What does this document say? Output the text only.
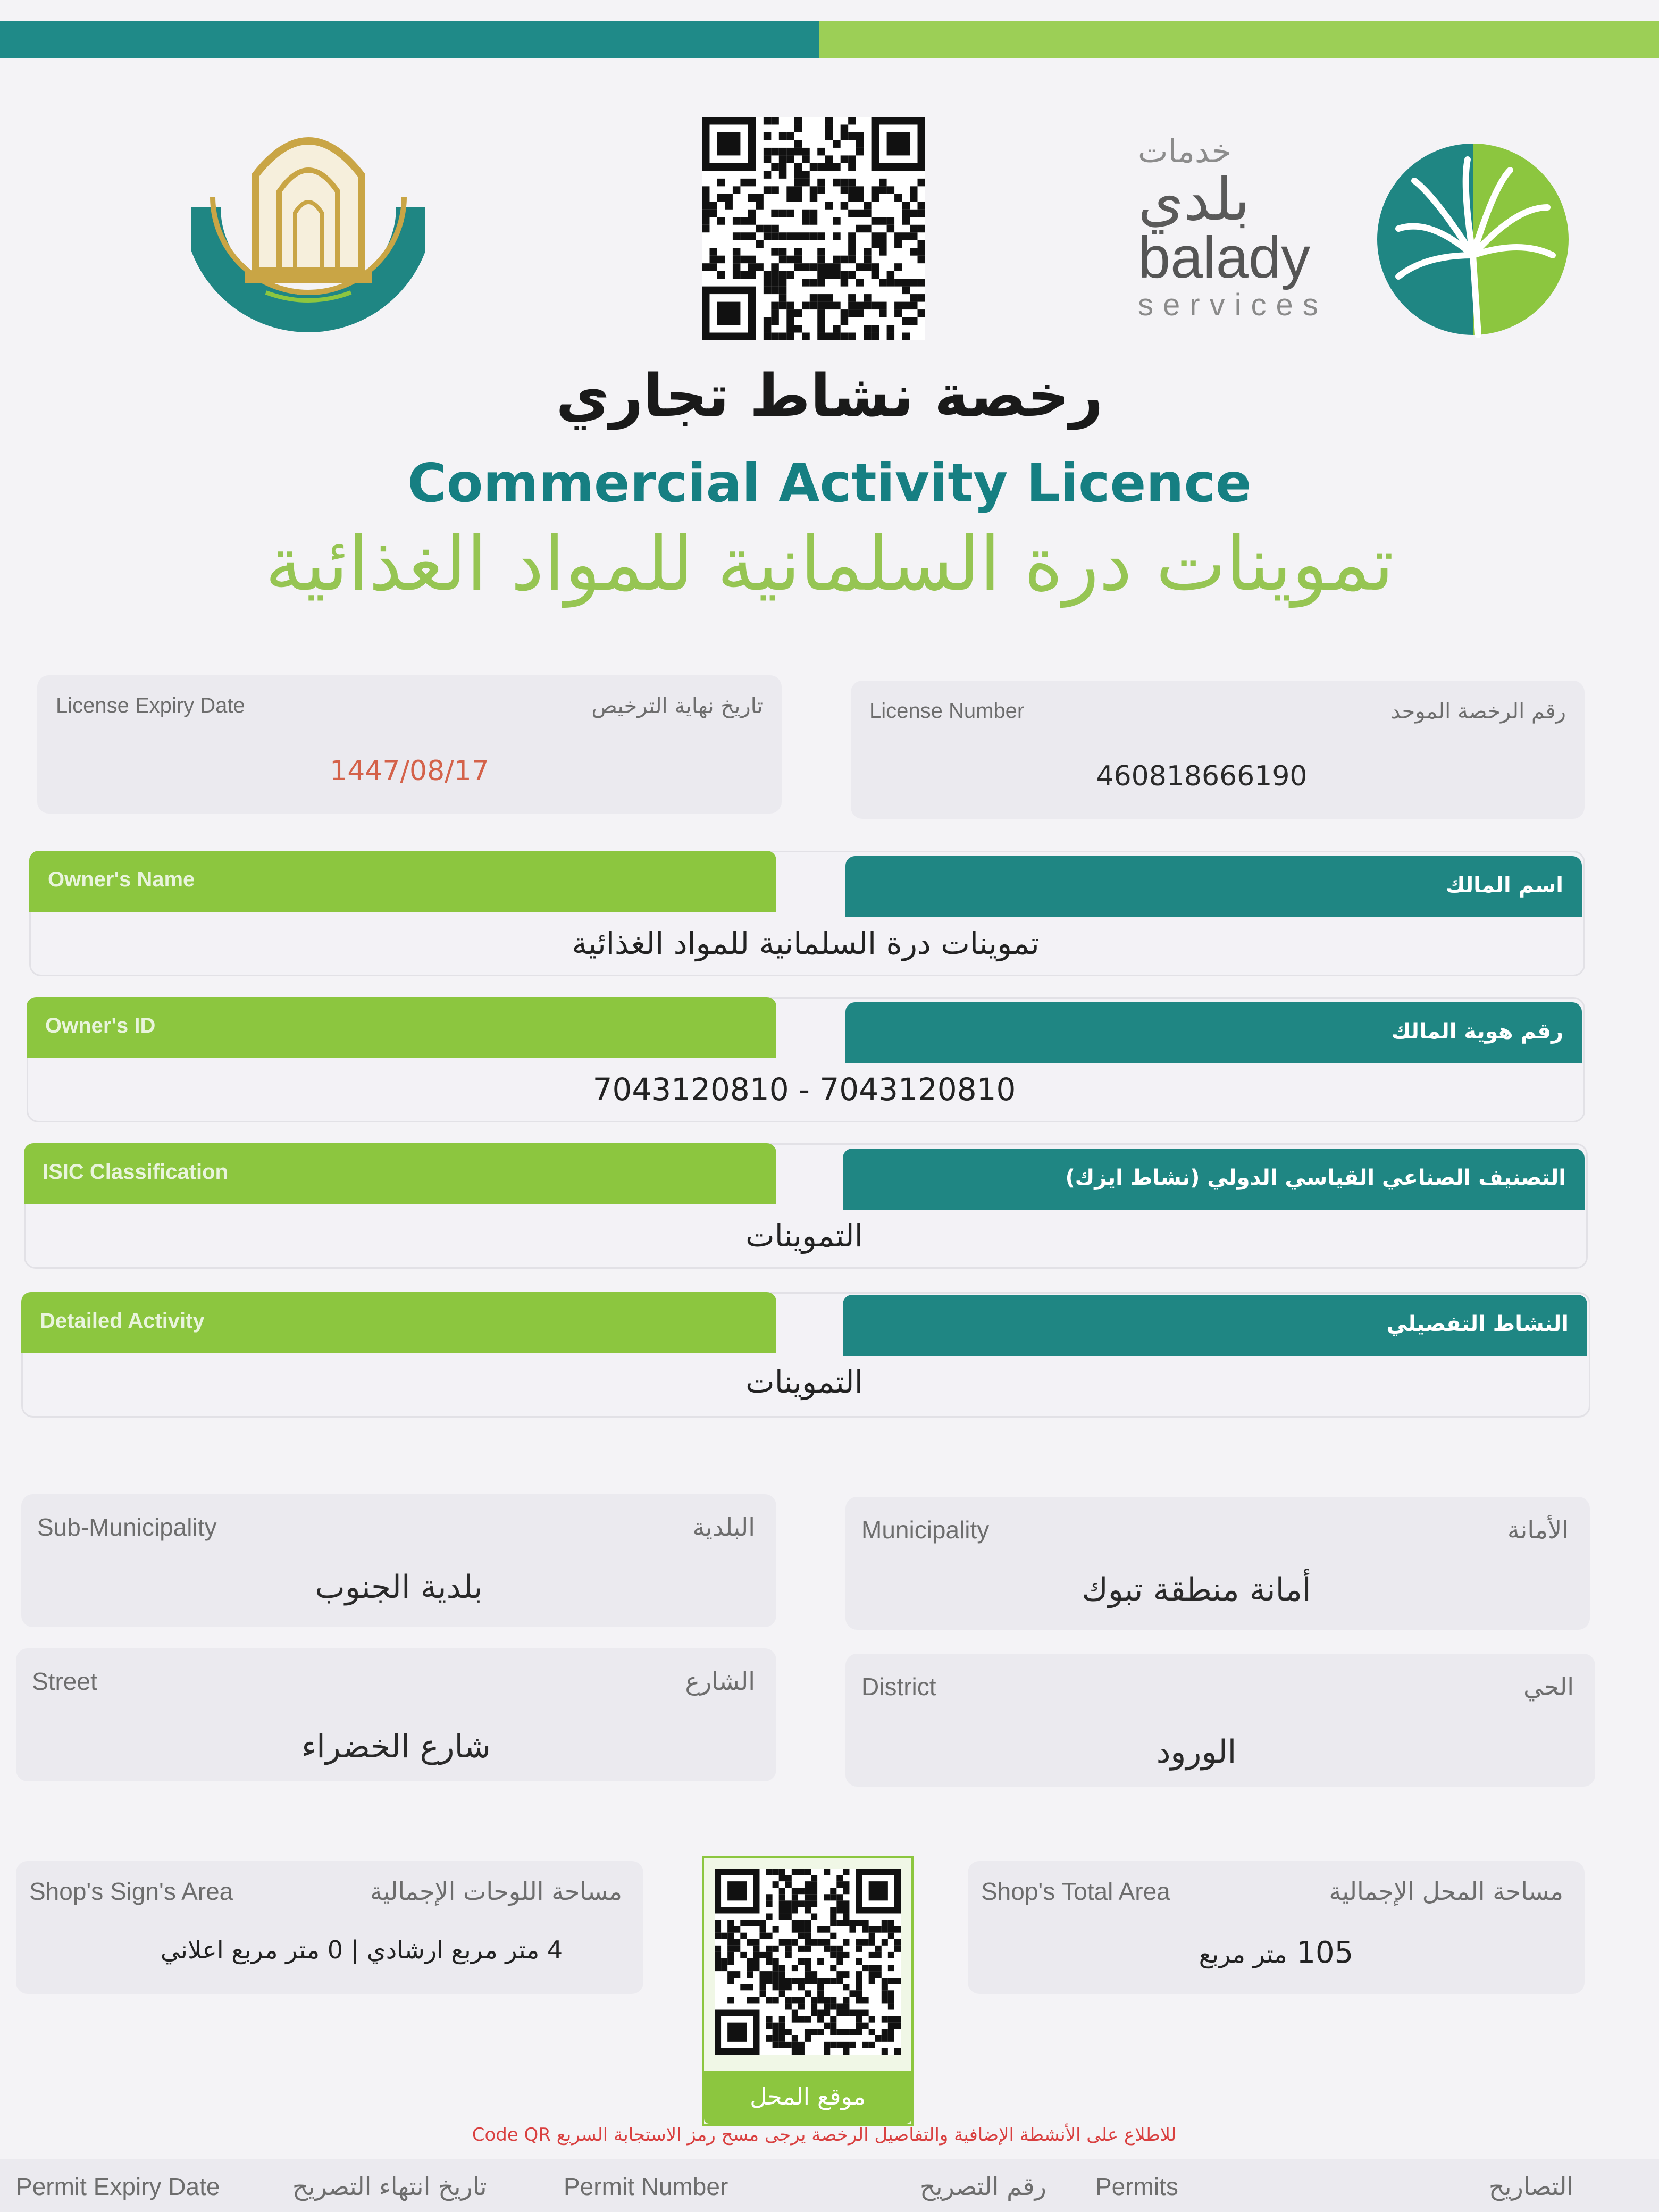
خدمات
بلدي
balady
services
رخصة نشاط تجاري
Commercial Activity Licence
تموينات درة السلمانية للمواد الغذائية
License Expiry Date	تاريخ نهاية الترخيص
1447/08/17
License Number	رقم الرخصة الموحد
460818666190
Owner's Name	اسم المالك
تموينات درة السلمانية للمواد الغذائية
Owner's ID	رقم هوية المالك
7043120810 - 7043120810
ISIC Classification	التصنيف الصناعي القياسي الدولي (نشاط ايزك)
التموينات
Detailed Activity	النشاط التفصيلي
التموينات
Sub-Municipality	البلدية
بلدية الجنوب
Municipality	الأمانة
أمانة منطقة تبوك
Street	الشارع
شارع الخضراء
District	الحي
الورود
Shop's Sign's Area	مساحة اللوحات الإجمالية
4 متر مربع ارشادي | 0 متر مربع اعلاني
موقع المحل
Shop's Total Area	مساحة المحل الإجمالية
105 متر مربع
للاطلاع على الأنشطة الإضافية والتفاصيل الرخصة يرجى مسح رمز الاستجابة السريع Code QR
Permit Expiry Date	تاريخ انتهاء التصريح	Permit Number	رقم التصريح Permits	التصاريح
